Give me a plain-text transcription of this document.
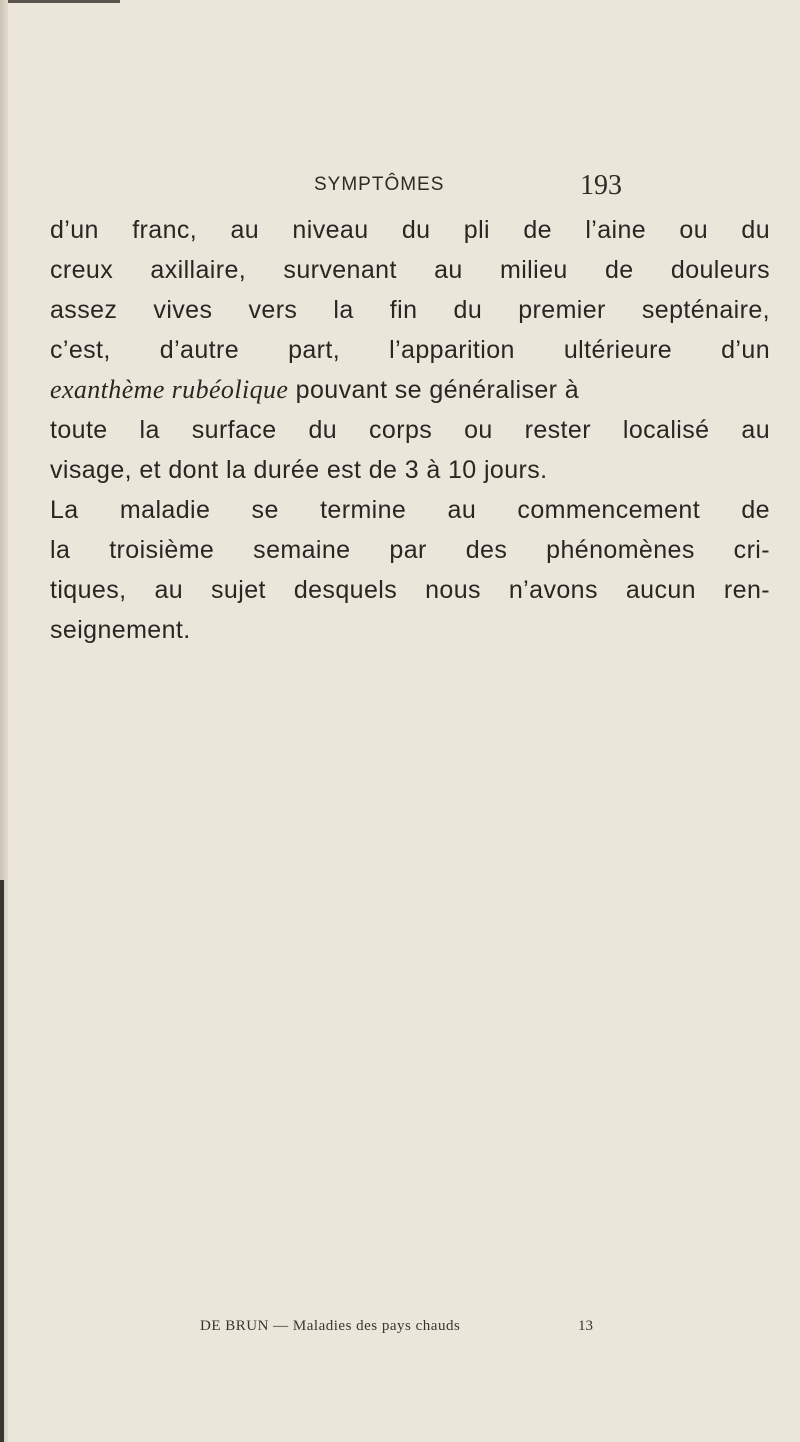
SYMPTÔMES	193
d’un franc, au niveau du pli de l’aine ou du
creux axillaire, survenant au milieu de douleurs
assez vives vers la fin du premier septénaire,
c’est, d’autre part, l’apparition ultérieure d’un
exanthème rubéolique pouvant se généraliser à
toute la surface du corps ou rester localisé au
visage, et dont la durée est de 3 à 10 jours.
La maladie se termine au commencement de
la troisième semaine par des phénomènes cri-
tiques, au sujet desquels nous n’avons aucun ren-
seignement.
DE BRUN — Maladies des pays chauds	13
